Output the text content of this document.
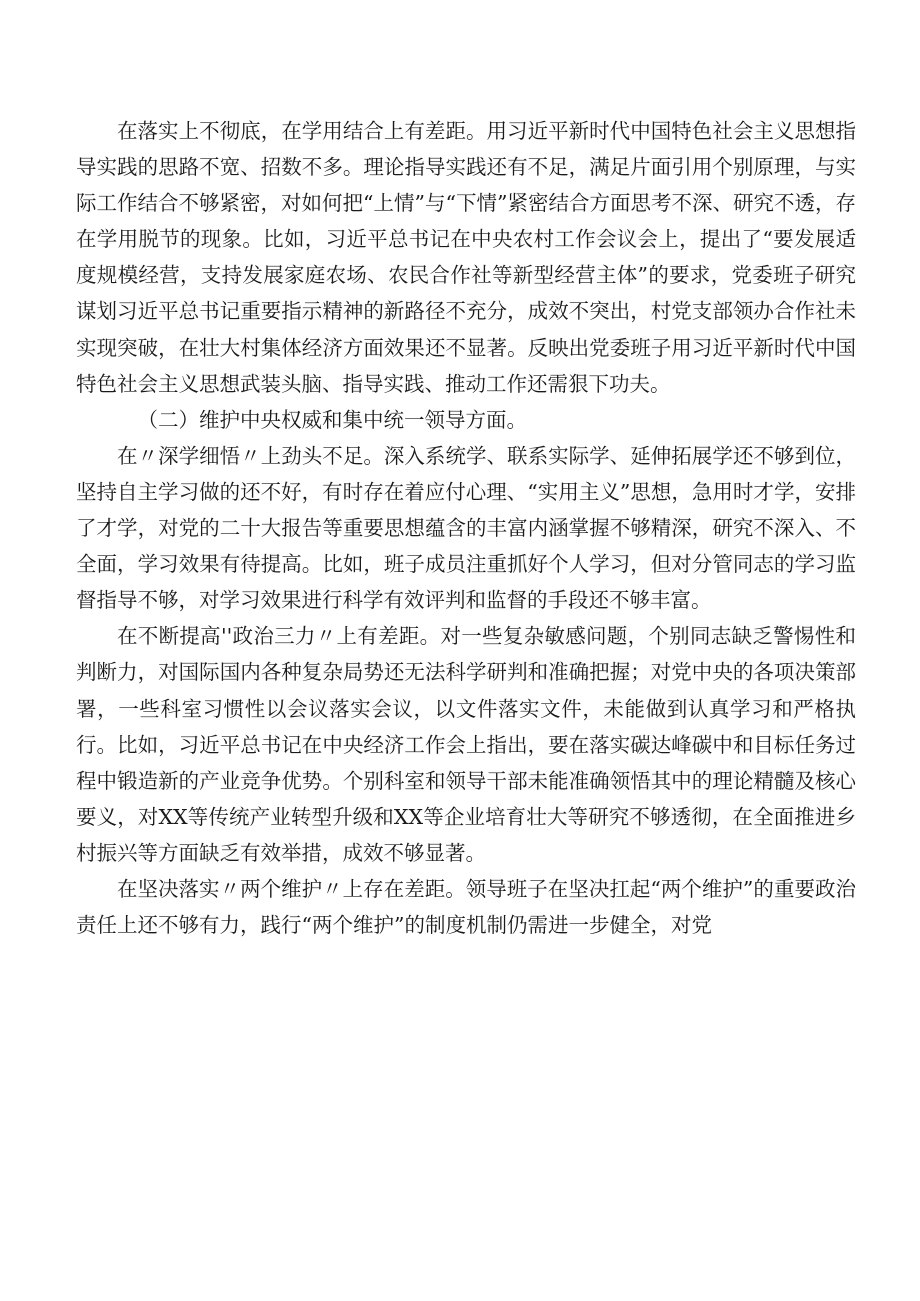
在落实上不彻底，在学用结合上有差距。用习近平新时代中国特色社会主义思想指导实践的思路不宽、招数不多。理论指导实践还有不足，满足片面引用个别原理，与实际工作结合不够紧密，对如何把“上情”与“下情”紧密结合方面思考不深、研究不透，存在学用脱节的现象。比如，习近平总书记在中央农村工作会议会上，提出了“要发展适度规模经营，支持发展家庭农场、农民合作社等新型经营主体”的要求，党委班子研究谋划习近平总书记重要指示精神的新路径不充分，成效不突出，村党支部领办合作社未实现突破，在壮大村集体经济方面效果还不显著。反映出党委班子用习近平新时代中国特色社会主义思想武装头脑、指导实践、推动工作还需狠下功夫。

（二）维护中央权威和集中统一领导方面。

在〃深学细悟〃上劲头不足。深入系统学、联系实际学、延伸拓展学还不够到位，坚持自主学习做的还不好，有时存在着应付心理、“实用主义”思想，急用时才学，安排了才学，对党的二十大报告等重要思想蕴含的丰富内涵掌握不够精深，研究不深入、不全面，学习效果有待提高。比如，班子成员注重抓好个人学习，但对分管同志的学习监督指导不够，对学习效果进行科学有效评判和监督的手段还不够丰富。

在不断提高''政治三力〃上有差距。对一些复杂敏感问题，个别同志缺乏警惕性和判断力，对国际国内各种复杂局势还无法科学研判和准确把握；对党中央的各项决策部署，一些科室习惯性以会议落实会议，以文件落实文件，未能做到认真学习和严格执行。比如，习近平总书记在中央经济工作会上指出，要在落实碳达峰碳中和目标任务过程中锻造新的产业竞争优势。个别科室和领导干部未能准确领悟其中的理论精髓及核心要义，对XX等传统产业转型升级和XX等企业培育壮大等研究不够透彻，在全面推进乡村振兴等方面缺乏有效举措，成效不够显著。

在坚决落实〃两个维护〃上存在差距。领导班子在坚决扛起“两个维护”的重要政治责任上还不够有力，践行“两个维护”的制度机制仍需进一步健全，对党
